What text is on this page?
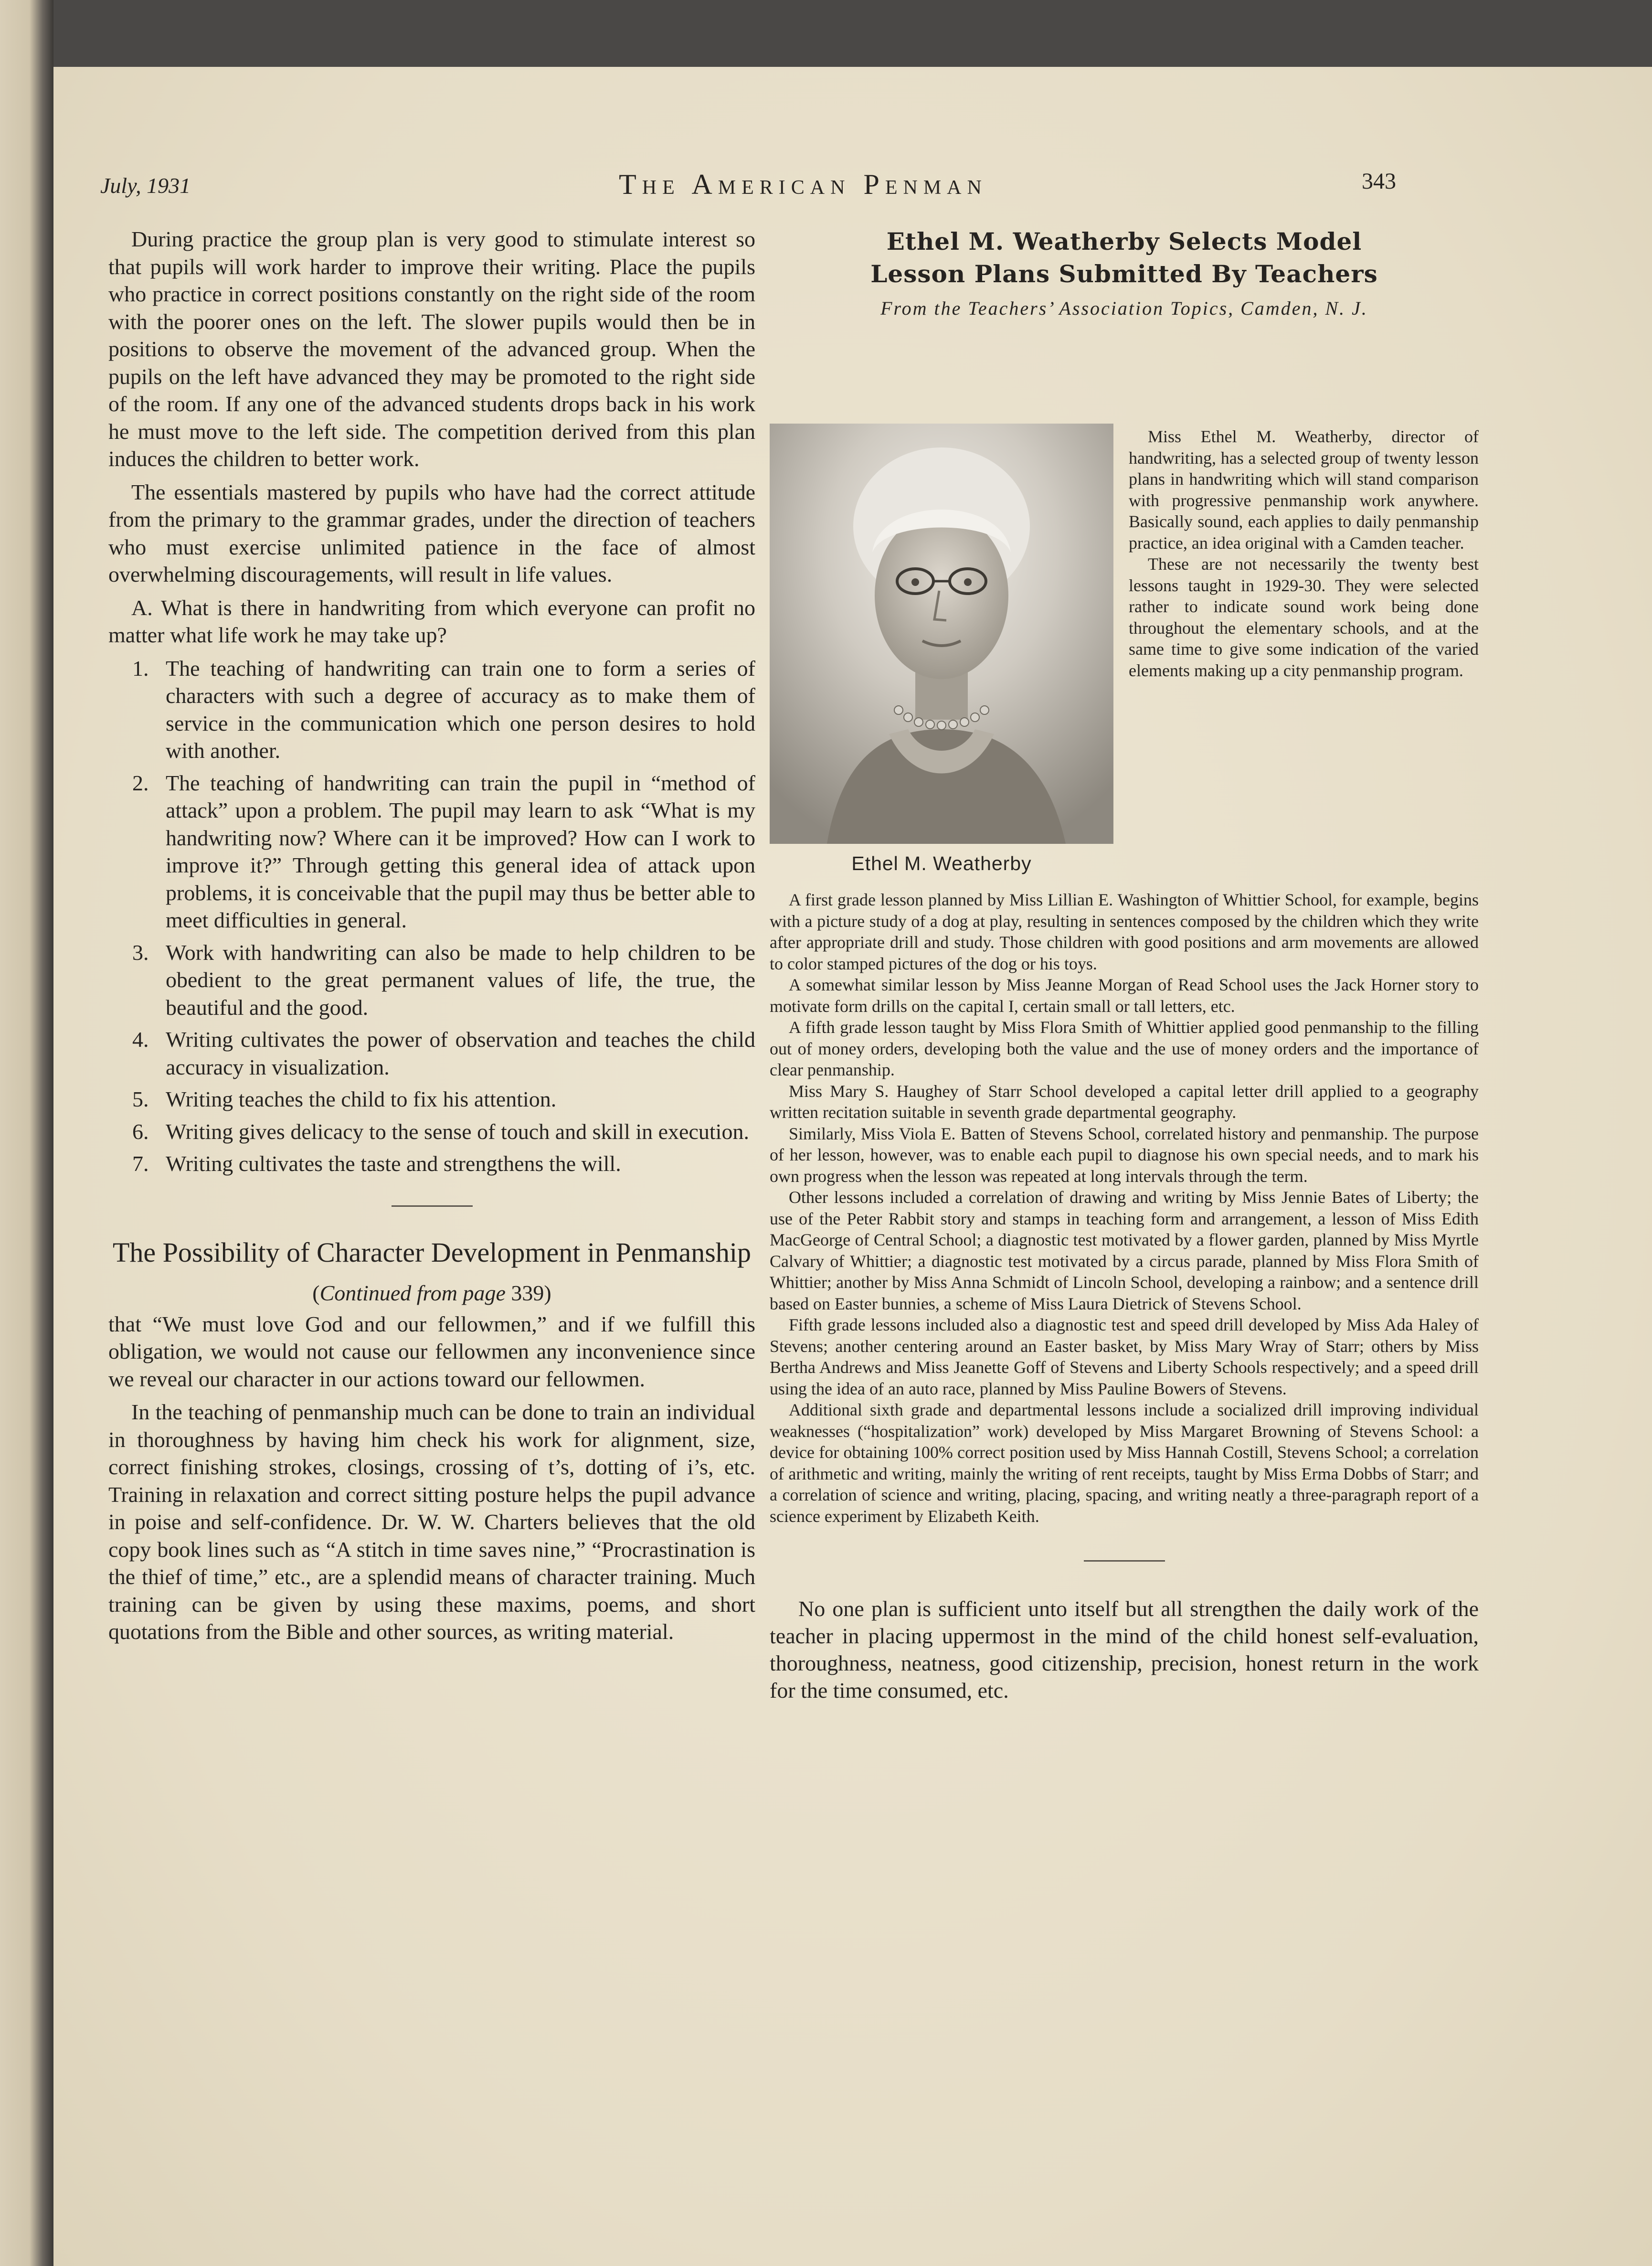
July, 1931	The American Penman	343

During practice the group plan is very good to stimulate interest so that pupils will work harder to improve their writing. Place the pupils who practice in correct positions constantly on the right side of the room with the poorer ones on the left. The slower pupils would then be in positions to observe the movement of the advanced group. When the pupils on the left have advanced they may be promoted to the right side of the room. If any one of the advanced students drops back in his work he must move to the left side. The competition derived from this plan induces the children to better work.

The essentials mastered by pupils who have had the correct attitude from the primary to the grammar grades, under the direction of teachers who must exercise unlimited patience in the face of almost overwhelming discouragements, will result in life values.

A. What is there in handwriting from which everyone can profit no matter what life work he may take up?

1. The teaching of handwriting can train one to form a series of characters with such a degree of accuracy as to make them of service in the communication which one person desires to hold with another.
2. The teaching of handwriting can train the pupil in “method of attack” upon a problem. The pupil may learn to ask “What is my handwriting now? Where can it be improved? How can I work to improve it?” Through getting this general idea of attack upon problems, it is conceivable that the pupil may thus be better able to meet difficulties in general.
3. Work with handwriting can also be made to help children to be obedient to the great permanent values of life, the true, the beautiful and the good.
4. Writing cultivates the power of observation and teaches the child accuracy in visualization.
5. Writing teaches the child to fix his attention.
6. Writing gives delicacy to the sense of touch and skill in execution.
7. Writing cultivates the taste and strengthens the will.
The Possibility of Character Development in Penmanship
(Continued from page 339)

that “We must love God and our fellowmen,” and if we fulfill this obligation, we would not cause our fellowmen any inconvenience since we reveal our character in our actions toward our fellowmen.

In the teaching of penmanship much can be done to train an individual in thoroughness by having him check his work for alignment, size, correct finishing strokes, closings, crossing of t’s, dotting of i’s, etc. Training in relaxation and correct sitting posture helps the pupil advance in poise and self-confidence. Dr. W. W. Charters believes that the old copy book lines such as “A stitch in time saves nine,” “Procrastination is the thief of time,” etc., are a splendid means of character training. Much training can be given by using these maxims, poems, and short quotations from the Bible and other sources, as writing material.

Ethel M. Weatherby Selects Model

Lesson Plans Submitted By Teachers

From the Teachers’ Association Topics, Camden, N. J.

Ethel M. Weatherby

Miss Ethel M. Weatherby, director of handwriting, has a selected group of twenty lesson plans in handwriting which will stand comparison with progressive penmanship work anywhere. Basically sound, each applies to daily penmanship practice, an idea original with a Camden teacher.

These are not necessarily the twenty best lessons taught in 1929-30. They were selected rather to indicate sound work being done throughout the elementary schools, and at the same time to give some indication of the varied elements making up a city penmanship program.

A first grade lesson planned by Miss Lillian E. Washington of Whittier School, for example, begins with a picture study of a dog at play, resulting in sentences composed by the children which they write after appropriate drill and study. Those children with good positions and arm movements are allowed to color stamped pictures of the dog or his toys.

A somewhat similar lesson by Miss Jeanne Morgan of Read School uses the Jack Horner story to motivate form drills on the capital I, certain small or tall letters, etc.

A fifth grade lesson taught by Miss Flora Smith of Whittier applied good penmanship to the filling out of money orders, developing both the value and the use of money orders and the importance of clear penmanship.

Miss Mary S. Haughey of Starr School developed a capital letter drill applied to a geography written recitation suitable in seventh grade departmental geography.

Similarly, Miss Viola E. Batten of Stevens School, correlated history and penmanship. The purpose of her lesson, however, was to enable each pupil to diagnose his own special needs, and to mark his own progress when the lesson was repeated at long intervals through the term.

Other lessons included a correlation of drawing and writing by Miss Jennie Bates of Liberty; the use of the Peter Rabbit story and stamps in teaching form and arrangement, a lesson of Miss Edith MacGeorge of Central School; a diagnostic test motivated by a flower garden, planned by Miss Myrtle Calvary of Whittier; a diagnostic test motivated by a circus parade, planned by Miss Flora Smith of Whittier; another by Miss Anna Schmidt of Lincoln School, developing a rainbow; and a sentence drill based on Easter bunnies, a scheme of Miss Laura Dietrick of Stevens School.

Fifth grade lessons included also a diagnostic test and speed drill developed by Miss Ada Haley of Stevens; another centering around an Easter basket, by Miss Mary Wray of Starr; others by Miss Bertha Andrews and Miss Jeanette Goff of Stevens and Liberty Schools respectively; and a speed drill using the idea of an auto race, planned by Miss Pauline Bowers of Stevens.

Additional sixth grade and departmental lessons include a socialized drill improving individual weaknesses (“hospitalization” work) developed by Miss Margaret Browning of Stevens School: a device for obtaining 100% correct position used by Miss Hannah Costill, Stevens School; a correlation of arithmetic and writing, mainly the writing of rent receipts, taught by Miss Erma Dobbs of Starr; and a correlation of science and writing, placing, spacing, and writing neatly a three-paragraph report of a science experiment by Elizabeth Keith.

No one plan is sufficient unto itself but all strengthen the daily work of the teacher in placing uppermost in the mind of the child honest self-evaluation, thoroughness, neatness, good citizenship, precision, honest return in the work for the time consumed, etc.
